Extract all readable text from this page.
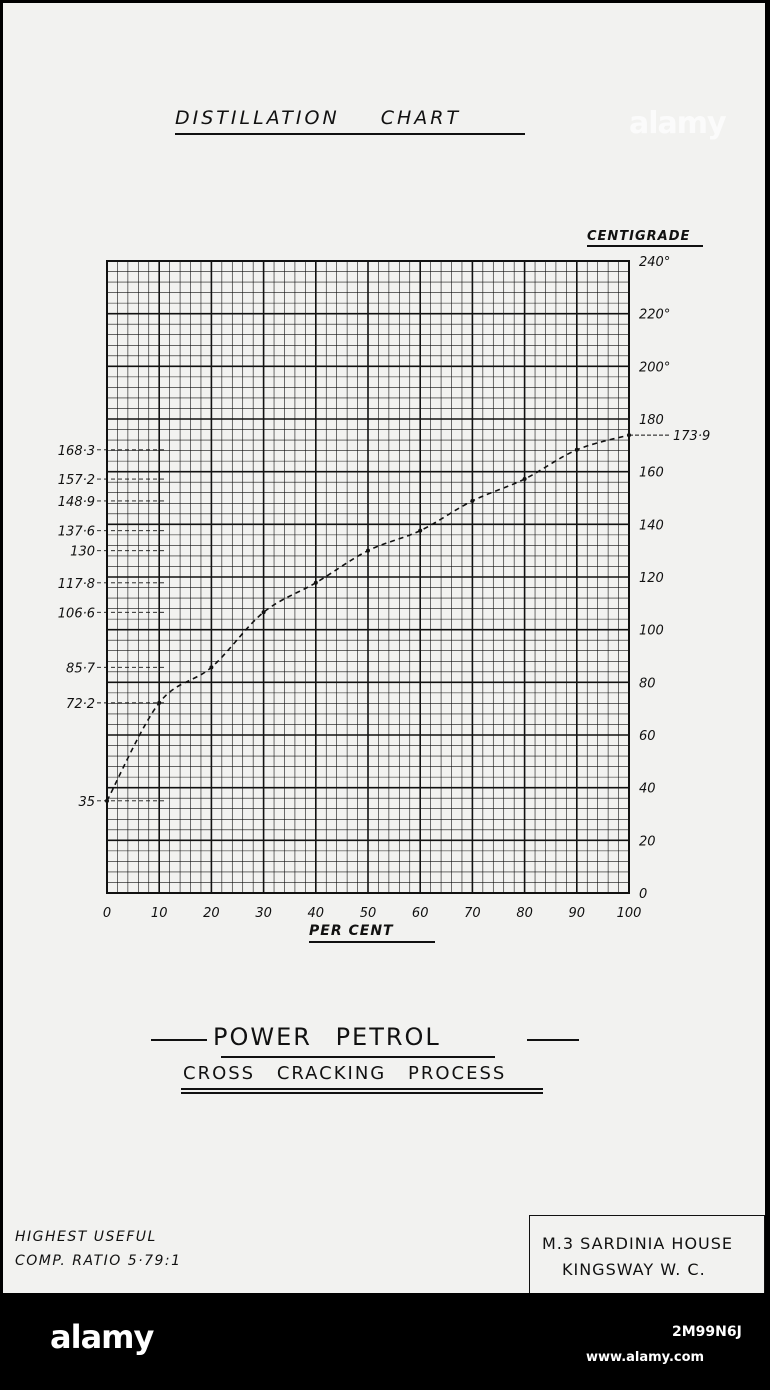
DISTILLATION CHART	alamy
CENTIGRADE
0	10	20	30	40	50	60	70	80	90 100
0
20
40
60
80
100
120
140
160
180
200°
220°
240°
168·3
157·2
148·9
137·6
130
117·8
106·6
85·7
72·2
35
173·9
PER CENT
POWER PETROL
CROSS CRACKING PROCESS
HIGHEST USEFUL
COMP. RATIO 5·79:1
M.3 SARDINIA HOUSE
KINGSWAY W. C.
alamy	2M99N6J
www.alamy.com
